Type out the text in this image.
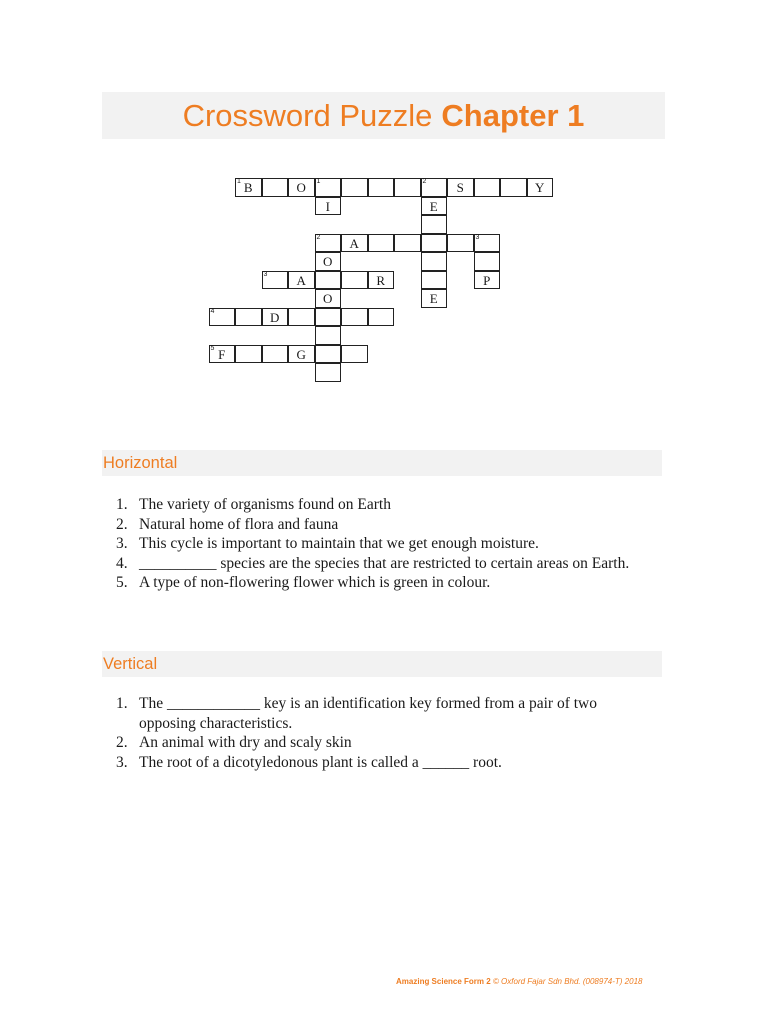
Crossword Puzzle Chapter 1
1 B	O	1	2	S	Y
I	E
2	A	3
O
3	A	R	P
O	E
4	D
5 F	G
Horizontal
1. The variety of organisms found on Earth
2. Natural home of flora and fauna
3. This cycle is important to maintain that we get enough moisture.
4. __________ species are the species that are restricted to certain areas on Earth.
5. A type of non-flowering flower which is green in colour.
Vertical
1. The ____________ key is an identification key formed from a pair of two opposing characteristics.
2. An animal with dry and scaly skin
3. The root of a dicotyledonous plant is called a ______ root.
Amazing Science Form 2 © Oxford Fajar Sdn Bhd. (008974-T) 2018
